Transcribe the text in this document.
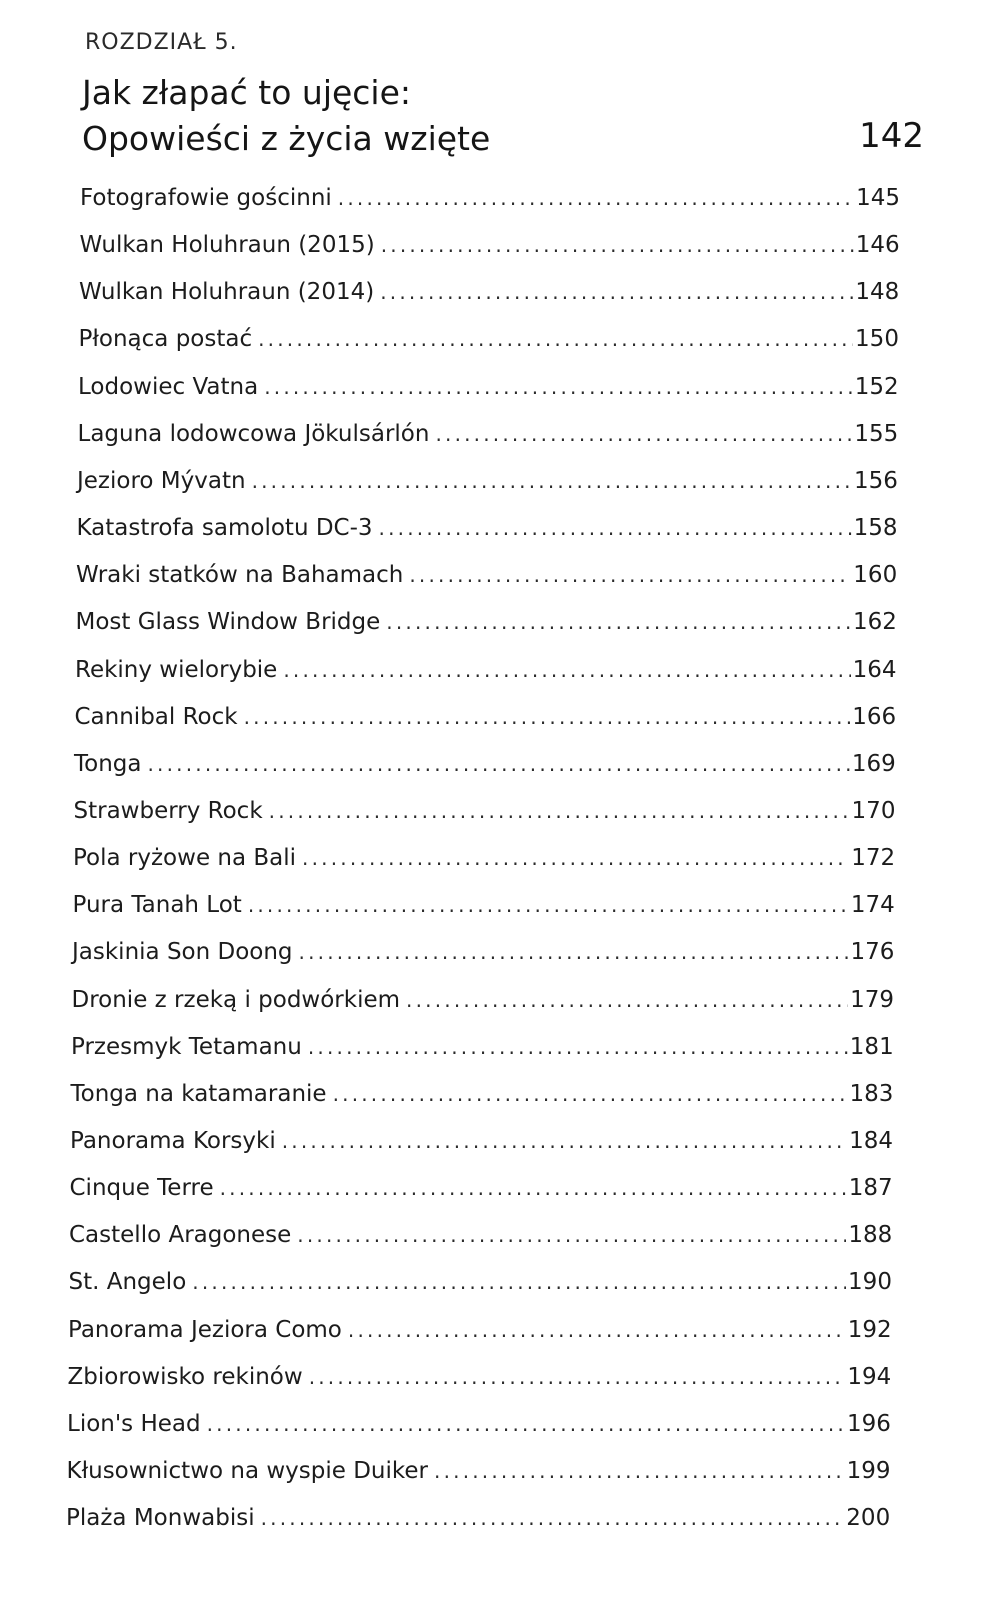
ROZDZIAŁ 5.
Jak złapać to ujęcie:
Opowieści z życia wzięte	142
Fotografowie gościnni .....	145
Wulkan Holuhraun (2015) .....	146
Wulkan Holuhraun (2014) .....	148
Płonąca postać .....	150
Lodowiec Vatna .....	152
Laguna lodowcowa Jökulsárlón .....	155
Jezioro Mývatn .....	156
Katastrofa samolotu DC-3 .....	158
Wraki statków na Bahamach .....	160
Most Glass Window Bridge .....	162
Rekiny wielorybie .....	164
Cannibal Rock .....	166
Tonga .....	169
Strawberry Rock .....	170
Pola ryżowe na Bali .....	172
Pura Tanah Lot .....	174
Jaskinia Son Doong .....	176
Dronie z rzeką i podwórkiem .....	179
Przesmyk Tetamanu .....	181
Tonga na katamaranie .....	183
Panorama Korsyki .....	184
Cinque Terre .....	187
Castello Aragonese .....	188
St. Angelo .....	190
Panorama Jeziora Como .....	192
Zbiorowisko rekinów .....	194
Lion's Head .....	196
Kłusownictwo na wyspie Duiker .....	199
Plaża Monwabisi .....	200
